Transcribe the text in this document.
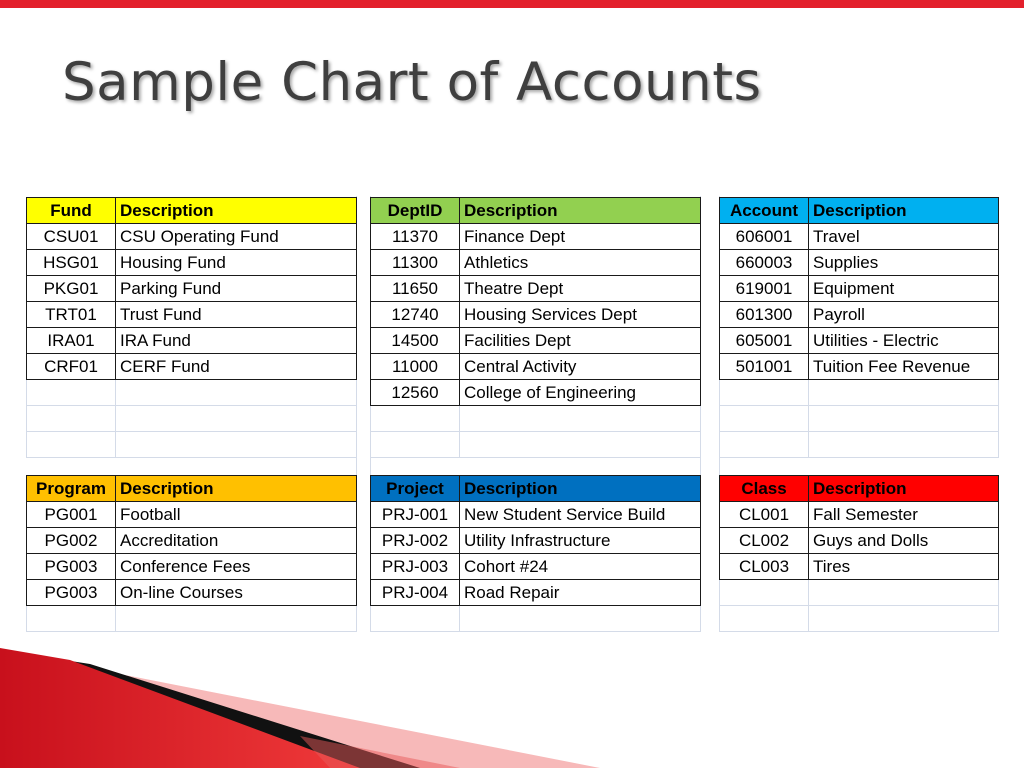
Sample Chart of Accounts
Fund	Description
CSU01	CSU Operating Fund
HSG01	Housing Fund
PKG01	Parking Fund
TRT01	Trust Fund
IRA01	IRA Fund
CRF01	CERF Fund

DeptID	Description
11370	Finance Dept
11300	Athletics
11650	Theatre Dept
12740	Housing Services Dept
14500	Facilities Dept
11000	Central Activity
12560	College of Engineering

Account	Description
606001	Travel
660003	Supplies
619001	Equipment
601300	Payroll
605001	Utilities - Electric
501001	Tuition Fee Revenue

Program	Description
PG001	Football
PG002	Accreditation
PG003	Conference Fees
PG003	On-line Courses

Project	Description
PRJ-001	New Student Service Build
PRJ-002	Utility Infrastructure
PRJ-003	Cohort #24
PRJ-004	Road Repair

Class	Description
CL001	Fall Semester
CL002	Guys and Dolls
CL003	Tires
